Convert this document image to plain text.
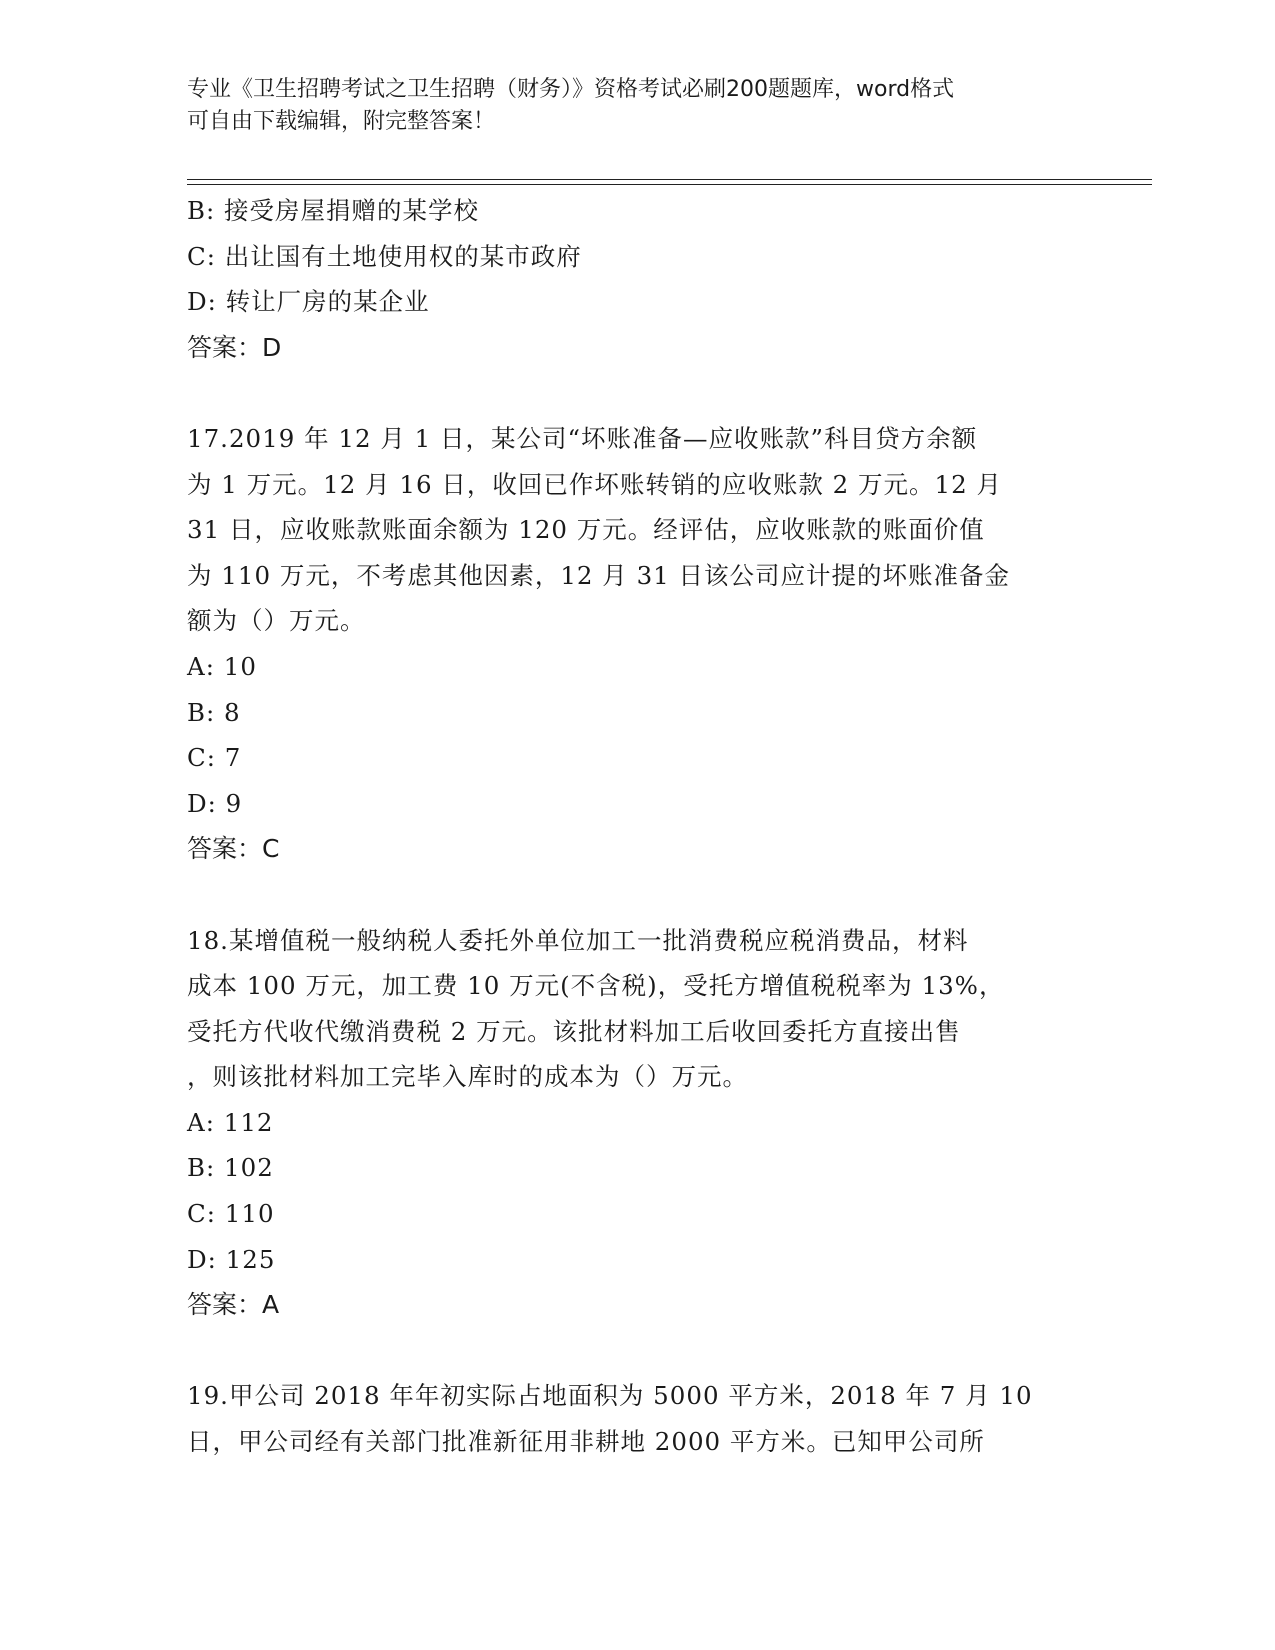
专业《卫生招聘考试之卫生招聘（财务）》资格考试必刷200题题库，word格式
可自由下载编辑，附完整答案！
B: 接受房屋捐赠的某学校
C: 出让国有土地使用权的某市政府
D: 转让厂房的某企业
答案：D
17.2019 年 12 月 1 日，某公司“坏账准备—应收账款”科目贷方余额
为 1 万元。12 月 16 日，收回已作坏账转销的应收账款 2 万元。12 月
31 日，应收账款账面余额为 120 万元。经评估，应收账款的账面价值
为 110 万元，不考虑其他因素，12 月 31 日该公司应计提的坏账准备金
额为（）万元。
A: 10
B: 8
C: 7
D: 9
答案：C
18.某增值税一般纳税人委托外单位加工一批消费税应税消费品，材料
成本 100 万元，加工费 10 万元(不含税)，受托方增值税税率为 13%，
受托方代收代缴消费税 2 万元。该批材料加工后收回委托方直接出售
，则该批材料加工完毕入库时的成本为（）万元。
A: 112
B: 102
C: 110
D: 125
答案：A
19.甲公司 2018 年年初实际占地面积为 5000 平方米，2018 年 7 月 10
日，甲公司经有关部门批准新征用非耕地 2000 平方米。已知甲公司所
